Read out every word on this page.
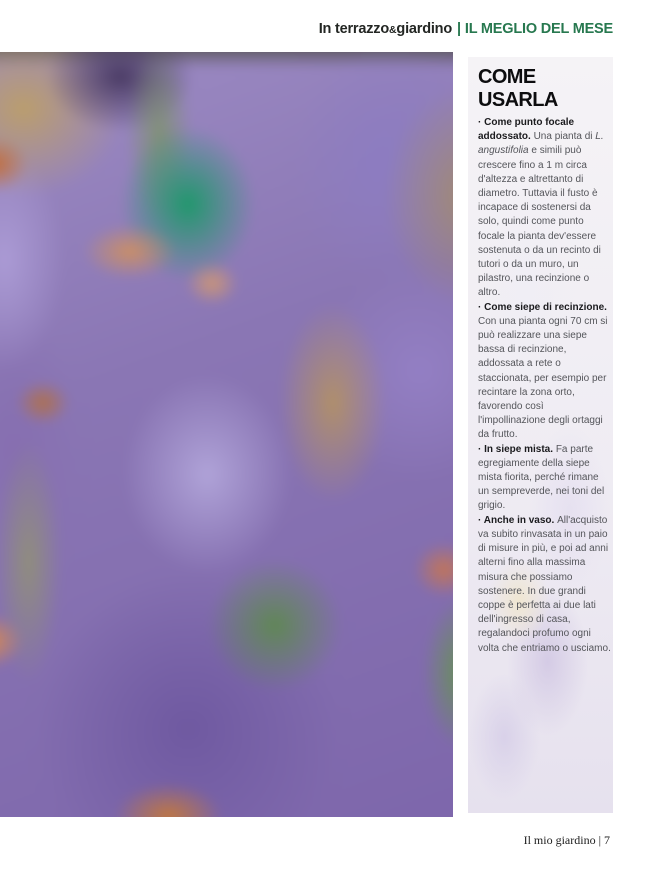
In terrazzo&giardino | IL MEGLIO DEL MESE
COME USARLA

· Come punto focale addossato. Una pianta di L. angustifolia e simili può crescere fino a 1 m circa d'altezza e altrettanto di diametro. Tuttavia il fusto è incapace di sostenersi da solo, quindi come punto focale la pianta dev'essere sostenuta o da un recinto di tutori o da un muro, un pilastro, una recinzione o altro.

· Come siepe di recinzione. Con una pianta ogni 70 cm si può realizzare una siepe bassa di recinzione, addossata a rete o staccionata, per esempio per recintare la zona orto, favorendo così l'impollinazione degli ortaggi da frutto.

· In siepe mista. Fa parte egregiamente della siepe mista fiorita, perché rimane un sempreverde, nei toni del grigio.

· Anche in vaso. All'acquisto va subito rinvasata in un paio di misure in più, e poi ad anni alterni fino alla massima misura che possiamo sostenere. In due grandi coppe è perfetta ai due lati dell'ingresso di casa, regalandoci profumo ogni volta che entriamo o usciamo.

Il mio giardino | 7
